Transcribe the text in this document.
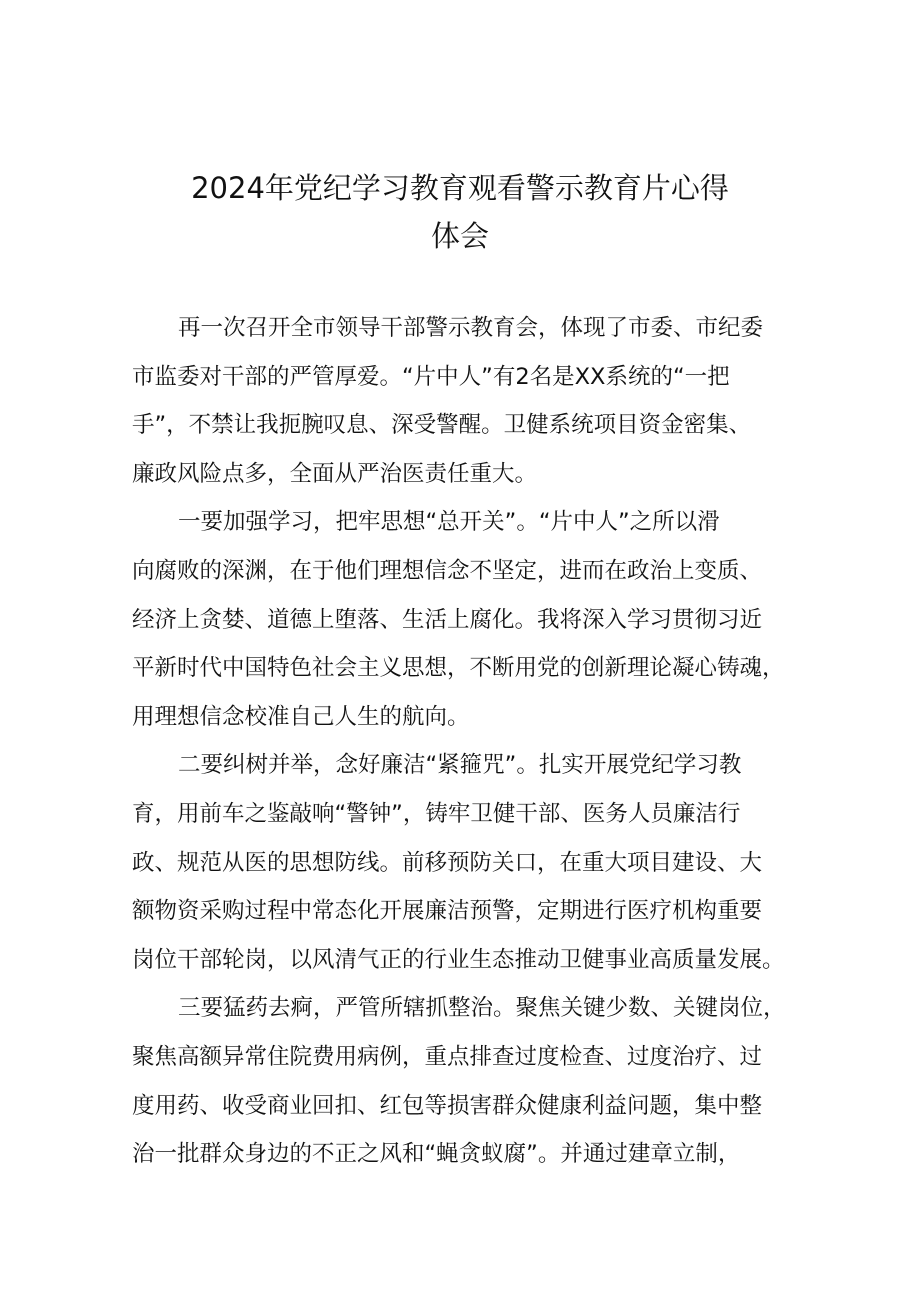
2024年党纪学习教育观看警示教育片心得
体会
再一次召开全市领导干部警示教育会，体现了市委、市纪委
市监委对干部的严管厚爱。“片中人”有2名是XX系统的“一把
手”，不禁让我扼腕叹息、深受警醒。卫健系统项目资金密集、
廉政风险点多，全面从严治医责任重大。
一要加强学习，把牢思想“总开关”。“片中人”之所以滑
向腐败的深渊，在于他们理想信念不坚定，进而在政治上变质、
经济上贪婪、道德上堕落、生活上腐化。我将深入学习贯彻习近
平新时代中国特色社会主义思想，不断用党的创新理论凝心铸魂，
用理想信念校准自己人生的航向。
二要纠树并举，念好廉洁“紧箍咒”。扎实开展党纪学习教
育，用前车之鉴敲响“警钟”，铸牢卫健干部、医务人员廉洁行
政、规范从医的思想防线。前移预防关口，在重大项目建设、大
额物资采购过程中常态化开展廉洁预警，定期进行医疗机构重要
岗位干部轮岗，以风清气正的行业生态推动卫健事业高质量发展。
三要猛药去痾，严管所辖抓整治。聚焦关键少数、关键岗位，
聚焦高额异常住院费用病例，重点排查过度检查、过度治疗、过
度用药、收受商业回扣、红包等损害群众健康利益问题，集中整
治一批群众身边的不正之风和“蝇贪蚁腐”。并通过建章立制，
